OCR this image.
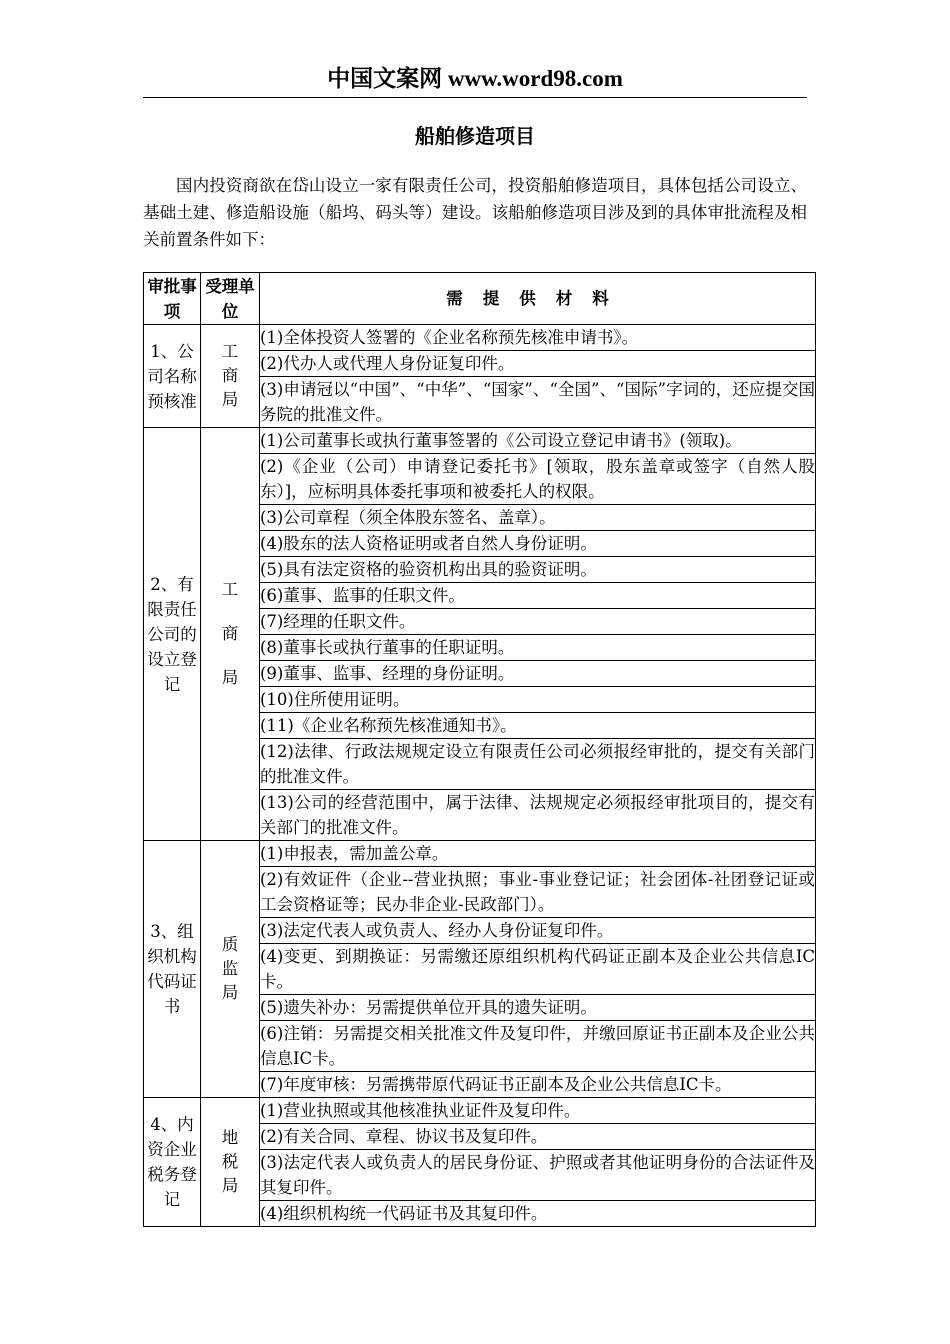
中国文案网 www.word98.com
船舶修造项目

国内投资商欲在岱山设立一家有限责任公司，投资船舶修造项目，具体包括公司设立、基础土建、修造船设施（船坞、码头等）建设。该船舶修造项目涉及到的具体审批流程及相关前置条件如下：

审批事项	受理单位	需提供材料
1、公司名称预核准	工商局	(1)全体投资人签署的《企业名称预先核准申请书》。
		(2)代办人或代理人身份证复印件。
		(3)申请冠以“中国”、“中华”、“国家”、“全国”、“国际”字词的，还应提交国务院的批准文件。
2、有限责任公司的设立登记	工商局	(1)公司董事长或执行董事签署的《公司设立登记申请书》(领取)。
		(2)《企业（公司）申请登记委托书》[领取，股东盖章或签字（自然人股东）]，应标明具体委托事项和被委托人的权限。
		(3)公司章程（须全体股东签名、盖章）。
		(4)股东的法人资格证明或者自然人身份证明。
		(5)具有法定资格的验资机构出具的验资证明。
		(6)董事、监事的任职文件。
		(7)经理的任职文件。
		(8)董事长或执行董事的任职证明。
		(9)董事、监事、经理的身份证明。
		(10)住所使用证明。
		(11)《企业名称预先核准通知书》。
		(12)法律、行政法规规定设立有限责任公司必须报经审批的，提交有关部门的批准文件。
		(13)公司的经营范围中，属于法律、法规规定必须报经审批项目的，提交有关部门的批准文件。
3、组织机构代码证书	质监局	(1)申报表，需加盖公章。
		(2)有效证件（企业--营业执照；事业-事业登记证；社会团体-社团登记证或工会资格证等；民办非企业-民政部门）。
		(3)法定代表人或负责人、经办人身份证复印件。
		(4)变更、到期换证：另需缴还原组织机构代码证正副本及企业公共信息IC卡。
		(5)遗失补办：另需提供单位开具的遗失证明。
		(6)注销：另需提交相关批准文件及复印件，并缴回原证书正副本及企业公共信息IC卡。
		(7)年度审核：另需携带原代码证书正副本及企业公共信息IC卡。
4、内资企业税务登记	地税局	(1)营业执照或其他核准执业证件及复印件。
		(2)有关合同、章程、协议书及复印件。
		(3)法定代表人或负责人的居民身份证、护照或者其他证明身份的合法证件及其复印件。
		(4)组织机构统一代码证书及其复印件。
